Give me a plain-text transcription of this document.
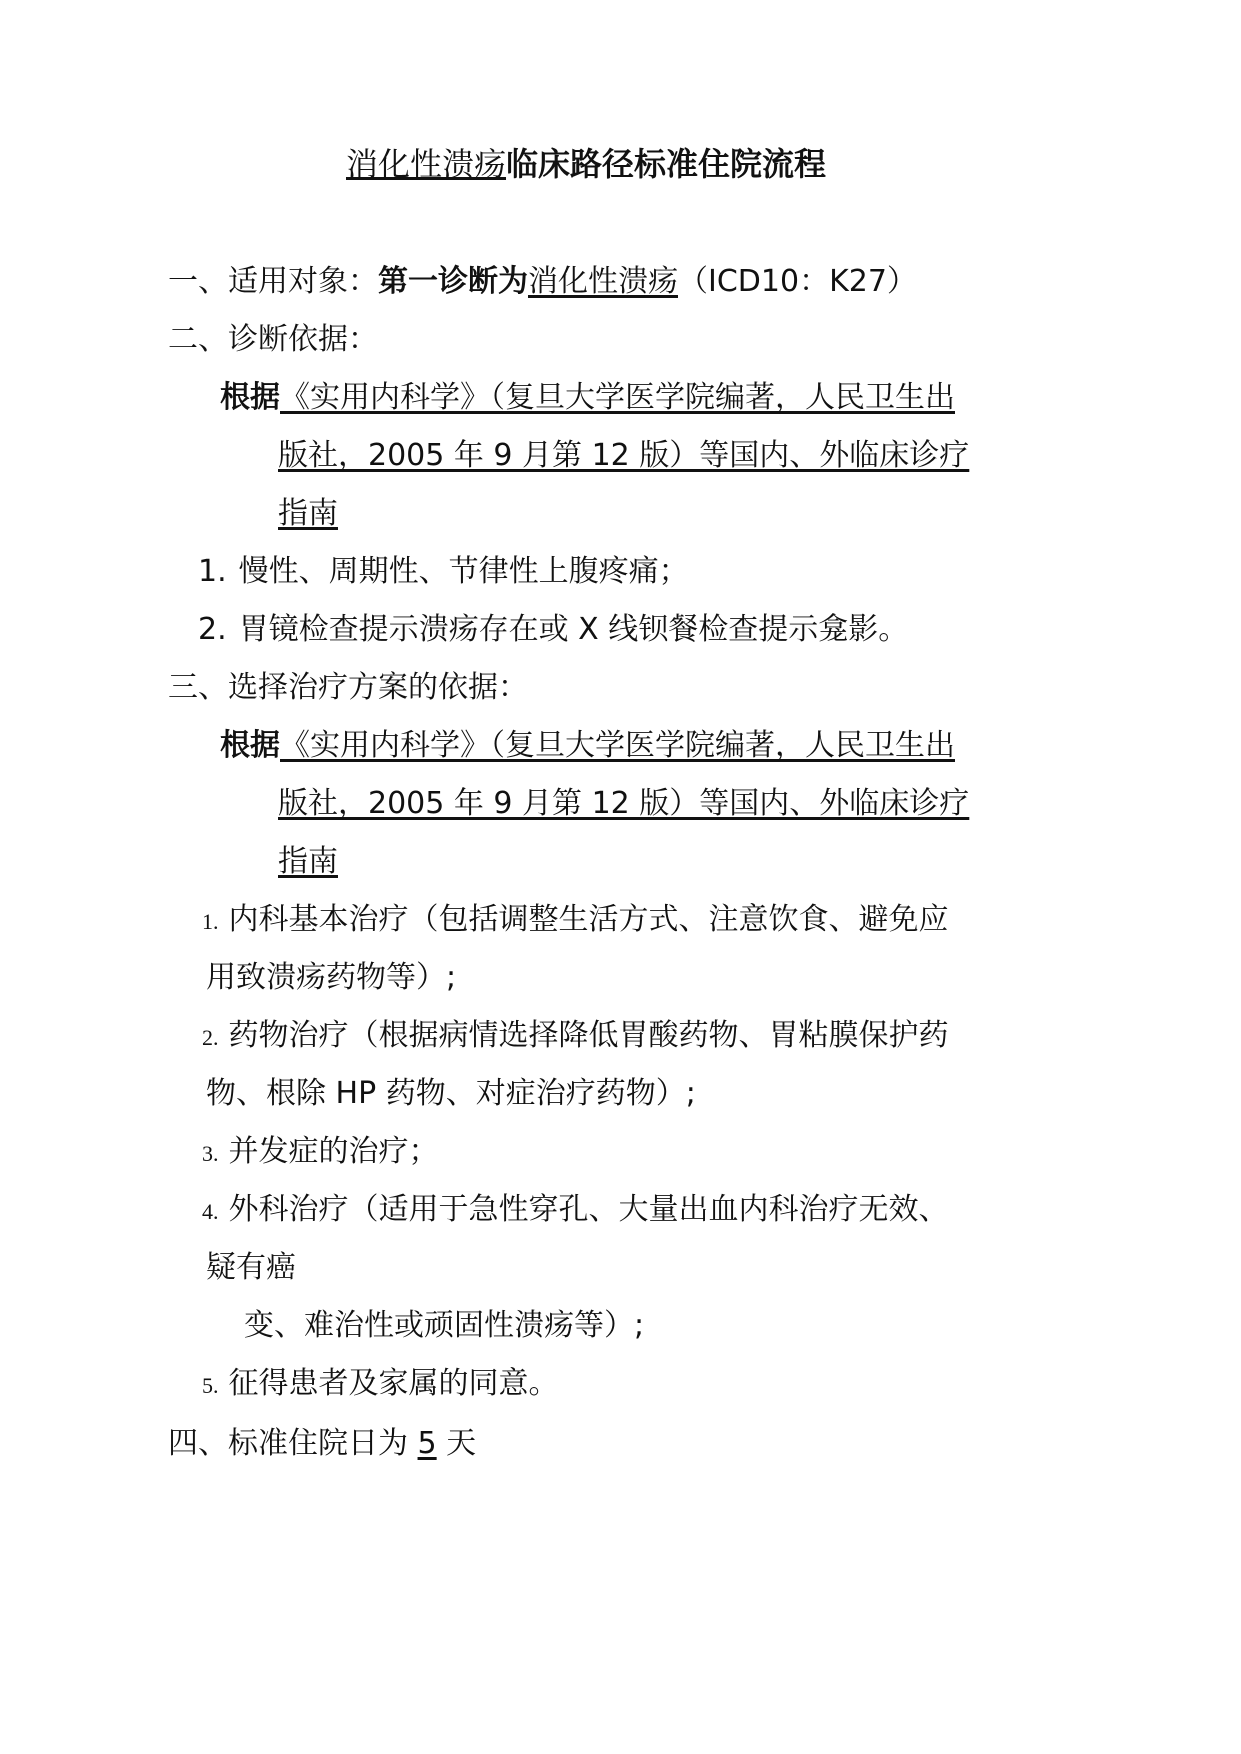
消化性溃疡临床路径标准住院流程
一、适用对象：第一诊断为消化性溃疡（ICD10：K27）
二、诊断依据：
根据《实用内科学》（复旦大学医学院编著，人民卫生出
版社，2005 年 9 月第 12 版）等国内、外临床诊疗
指南
1. 慢性、周期性、节律性上腹疼痛；
2. 胃镜检查提示溃疡存在或 X 线钡餐检查提示龛影。
三、选择治疗方案的依据：
根据《实用内科学》（复旦大学医学院编著，人民卫生出
版社，2005 年 9 月第 12 版）等国内、外临床诊疗
指南
1. 内科基本治疗（包括调整生活方式、注意饮食、避免应
用致溃疡药物等）;
2. 药物治疗（根据病情选择降低胃酸药物、胃粘膜保护药
物、根除 HP 药物、对症治疗药物）;
3. 并发症的治疗；
4. 外科治疗（适用于急性穿孔、大量出血内科治疗无效、
疑有癌
变、难治性或顽固性溃疡等）;
5. 征得患者及家属的同意。
四、标准住院日为 5 天
